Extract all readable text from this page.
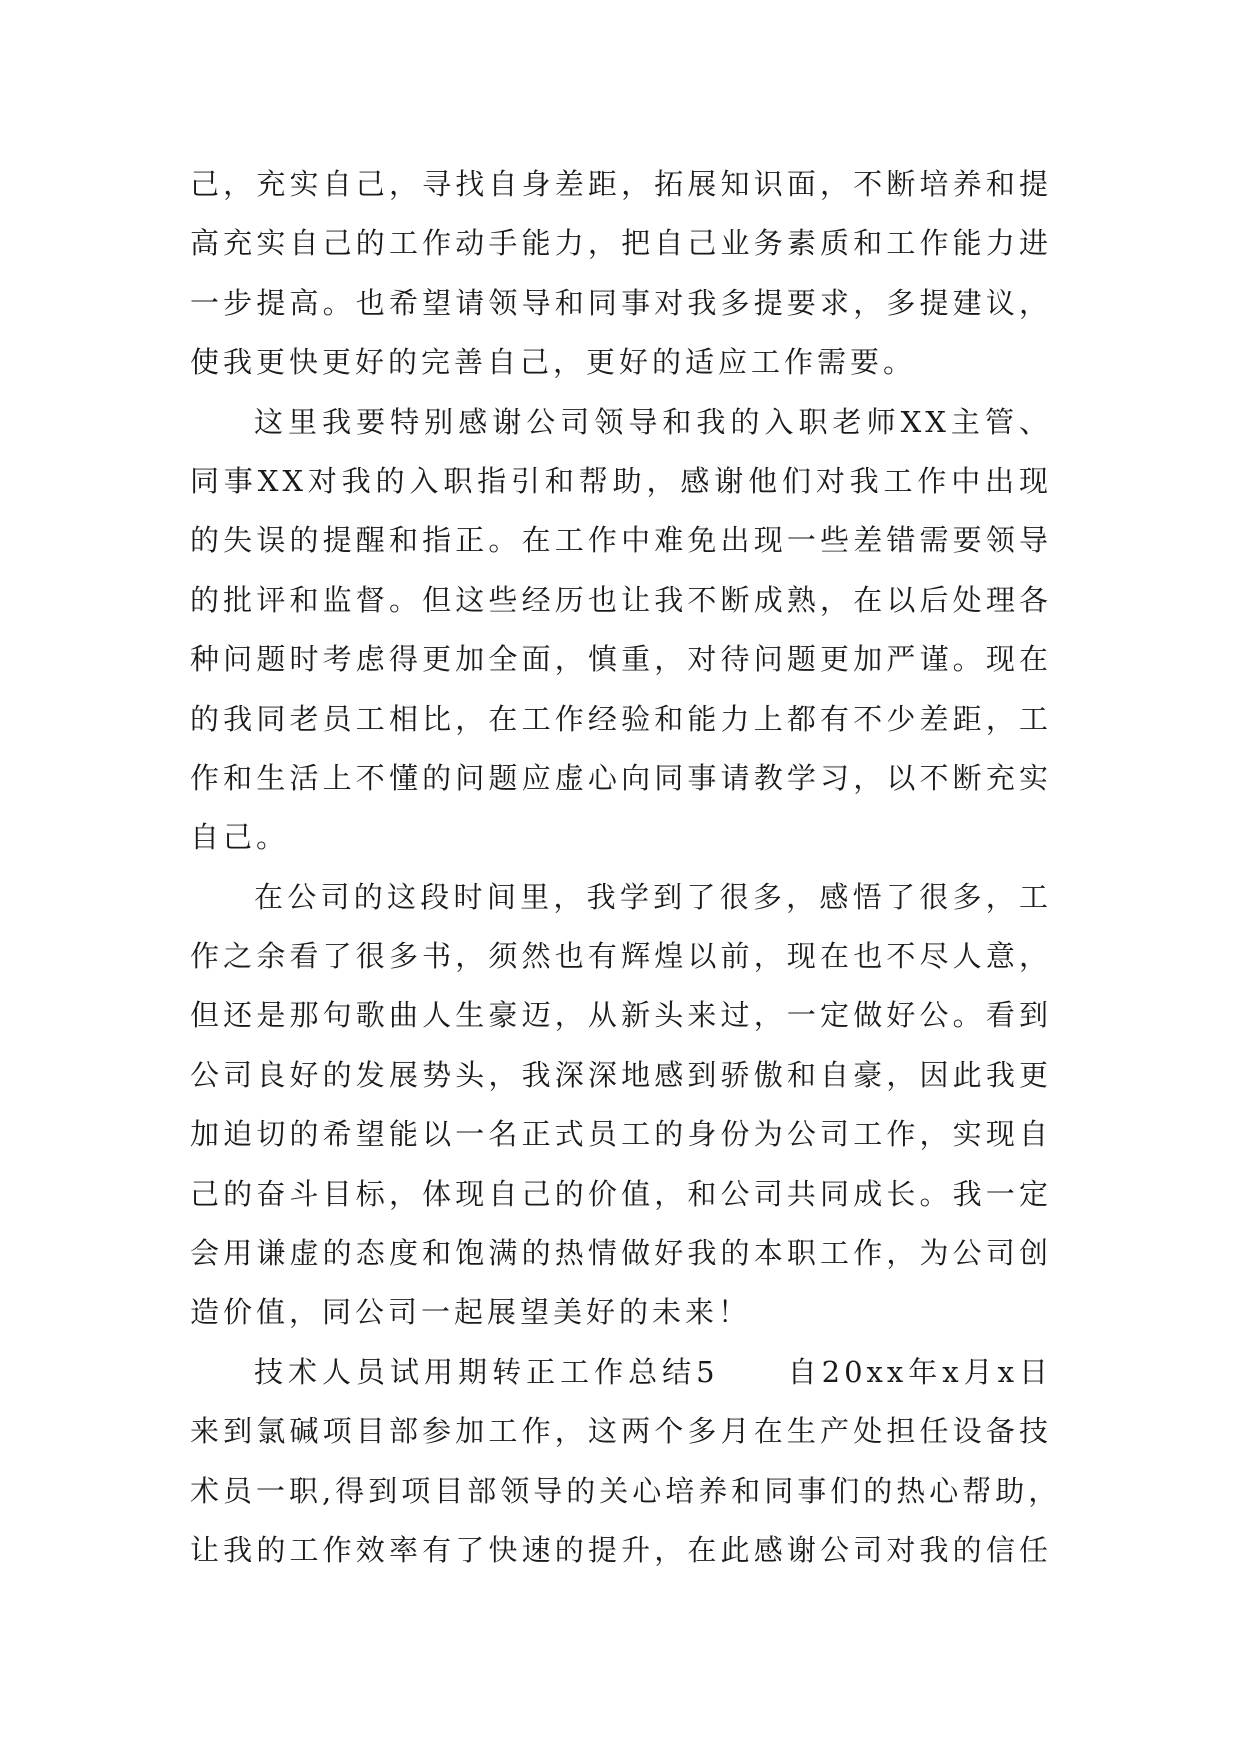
己，充实自己，寻找自身差距，拓展知识面，不断培养和提
高充实自己的工作动手能力，把自己业务素质和工作能力进
一步提高。也希望请领导和同事对我多提要求，多提建议，
使我更快更好的完善自己，更好的适应工作需要。
这里我要特别感谢公司领导和我的入职老师XX主管、
同事XX对我的入职指引和帮助，感谢他们对我工作中出现
的失误的提醒和指正。在工作中难免出现一些差错需要领导
的批评和监督。但这些经历也让我不断成熟，在以后处理各
种问题时考虑得更加全面，慎重，对待问题更加严谨。现在
的我同老员工相比，在工作经验和能力上都有不少差距，工
作和生活上不懂的问题应虚心向同事请教学习，以不断充实
自己。
在公司的这段时间里，我学到了很多，感悟了很多，工
作之余看了很多书，须然也有辉煌以前，现在也不尽人意，
但还是那句歌曲人生豪迈，从新头来过，一定做好公。看到
公司良好的发展势头，我深深地感到骄傲和自豪，因此我更
加迫切的希望能以一名正式员工的身份为公司工作，实现自
己的奋斗目标，体现自己的价值，和公司共同成长。我一定
会用谦虚的态度和饱满的热情做好我的本职工作，为公司创
造价值，同公司一起展望美好的未来！
技术人员试用期转正工作总结5　　自20xx年x月x日
来到氯碱项目部参加工作，这两个多月在生产处担任设备技
术员一职,得到项目部领导的关心培养和同事们的热心帮助，
让我的工作效率有了快速的提升，在此感谢公司对我的信任
